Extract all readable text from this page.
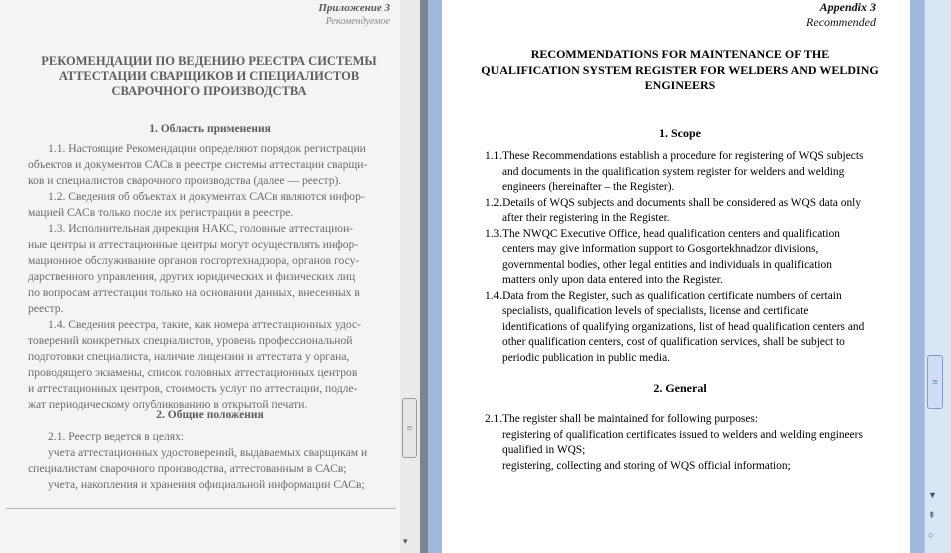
Приложение 3
Рекомендуемое
РЕКОМЕНДАЦИИ ПО ВЕДЕНИЮ РЕЕСТРА СИСТЕМЫ
АТТЕСТАЦИИ СВАРЩИКОВ И СПЕЦИАЛИСТОВ
СВАРОЧНОГО ПРОИЗВОДСТВА
1. Область применения
1.1. Настоящие Рекомендации определяют порядок регистрации
объектов и документов САСв в реестре системы аттестации сварщи-
ков и специалистов сварочного производства (далее — реестр).
1.2. Сведения об объектах и документах САСв являются инфор-
мацией САСв только после их регистрации в реестре.
1.3. Исполнительная дирекция НАКС, головные аттестацион-
ные центры и аттестационные центры могут осуществлять инфор-
мационное обслуживание органов госгортехнадзора, органов госу-
дарственного управления, других юридических и физических лиц
по вопросам аттестации только на основании данных, внесенных в
реестр.
1.4. Сведения реестра, такие, как номера аттестационных удос-
товерений конкретных специалистов, уровень профессиональной
подготовки специалиста, наличие лицензии и аттестата у органа,
проводящего экзамены, список головных аттестационных центров
и аттестационных центров, стоимость услуг по аттестации, подле-
жат периодическому опубликованию в открытой печати.
2. Общие положения
2.1. Реестр ведется в целях:
учета аттестационных удостоверений, выдаваемых сварщикам и
специалистам сварочного производства, аттестованным в САСв;
учета, накопления и хранения официальной информации САСв;
≡
▾
Appendix 3
Recommended
RECOMMENDATIONS FOR MAINTENANCE OF THE
QUALIFICATION SYSTEM REGISTER FOR WELDERS AND WELDING
ENGINEERS
1. Scope
1.1.These Recommendations establish a procedure for registering of WQS subjects
and documents in the qualification system register for welders and welding
engineers (hereinafter – the Register).
1.2.Details of WQS subjects and documents shall be considered as WQS data only
after their registering in the Register.
1.3.The NWQC Executive Office, head qualification centers and qualification
centers may give information support to Gosgortekhnadzor divisions,
governmental bodies, other legal entities and individuals in qualification
matters only upon data entered into the Register.
1.4.Data from the Register, such as qualification certificate numbers of certain
specialists, qualification levels of specialists, license and certificate
identifications of qualifying organizations, list of head qualification centers and
other qualification centers, cost of qualification services, shall be subject to
periodic publication in public media.
2. General
2.1.The register shall be maintained for following purposes:
registering of qualification certificates issued to welders and welding engineers
qualified in WQS;
registering, collecting and storing of WQS official information;
≡
▼
⇞
○
